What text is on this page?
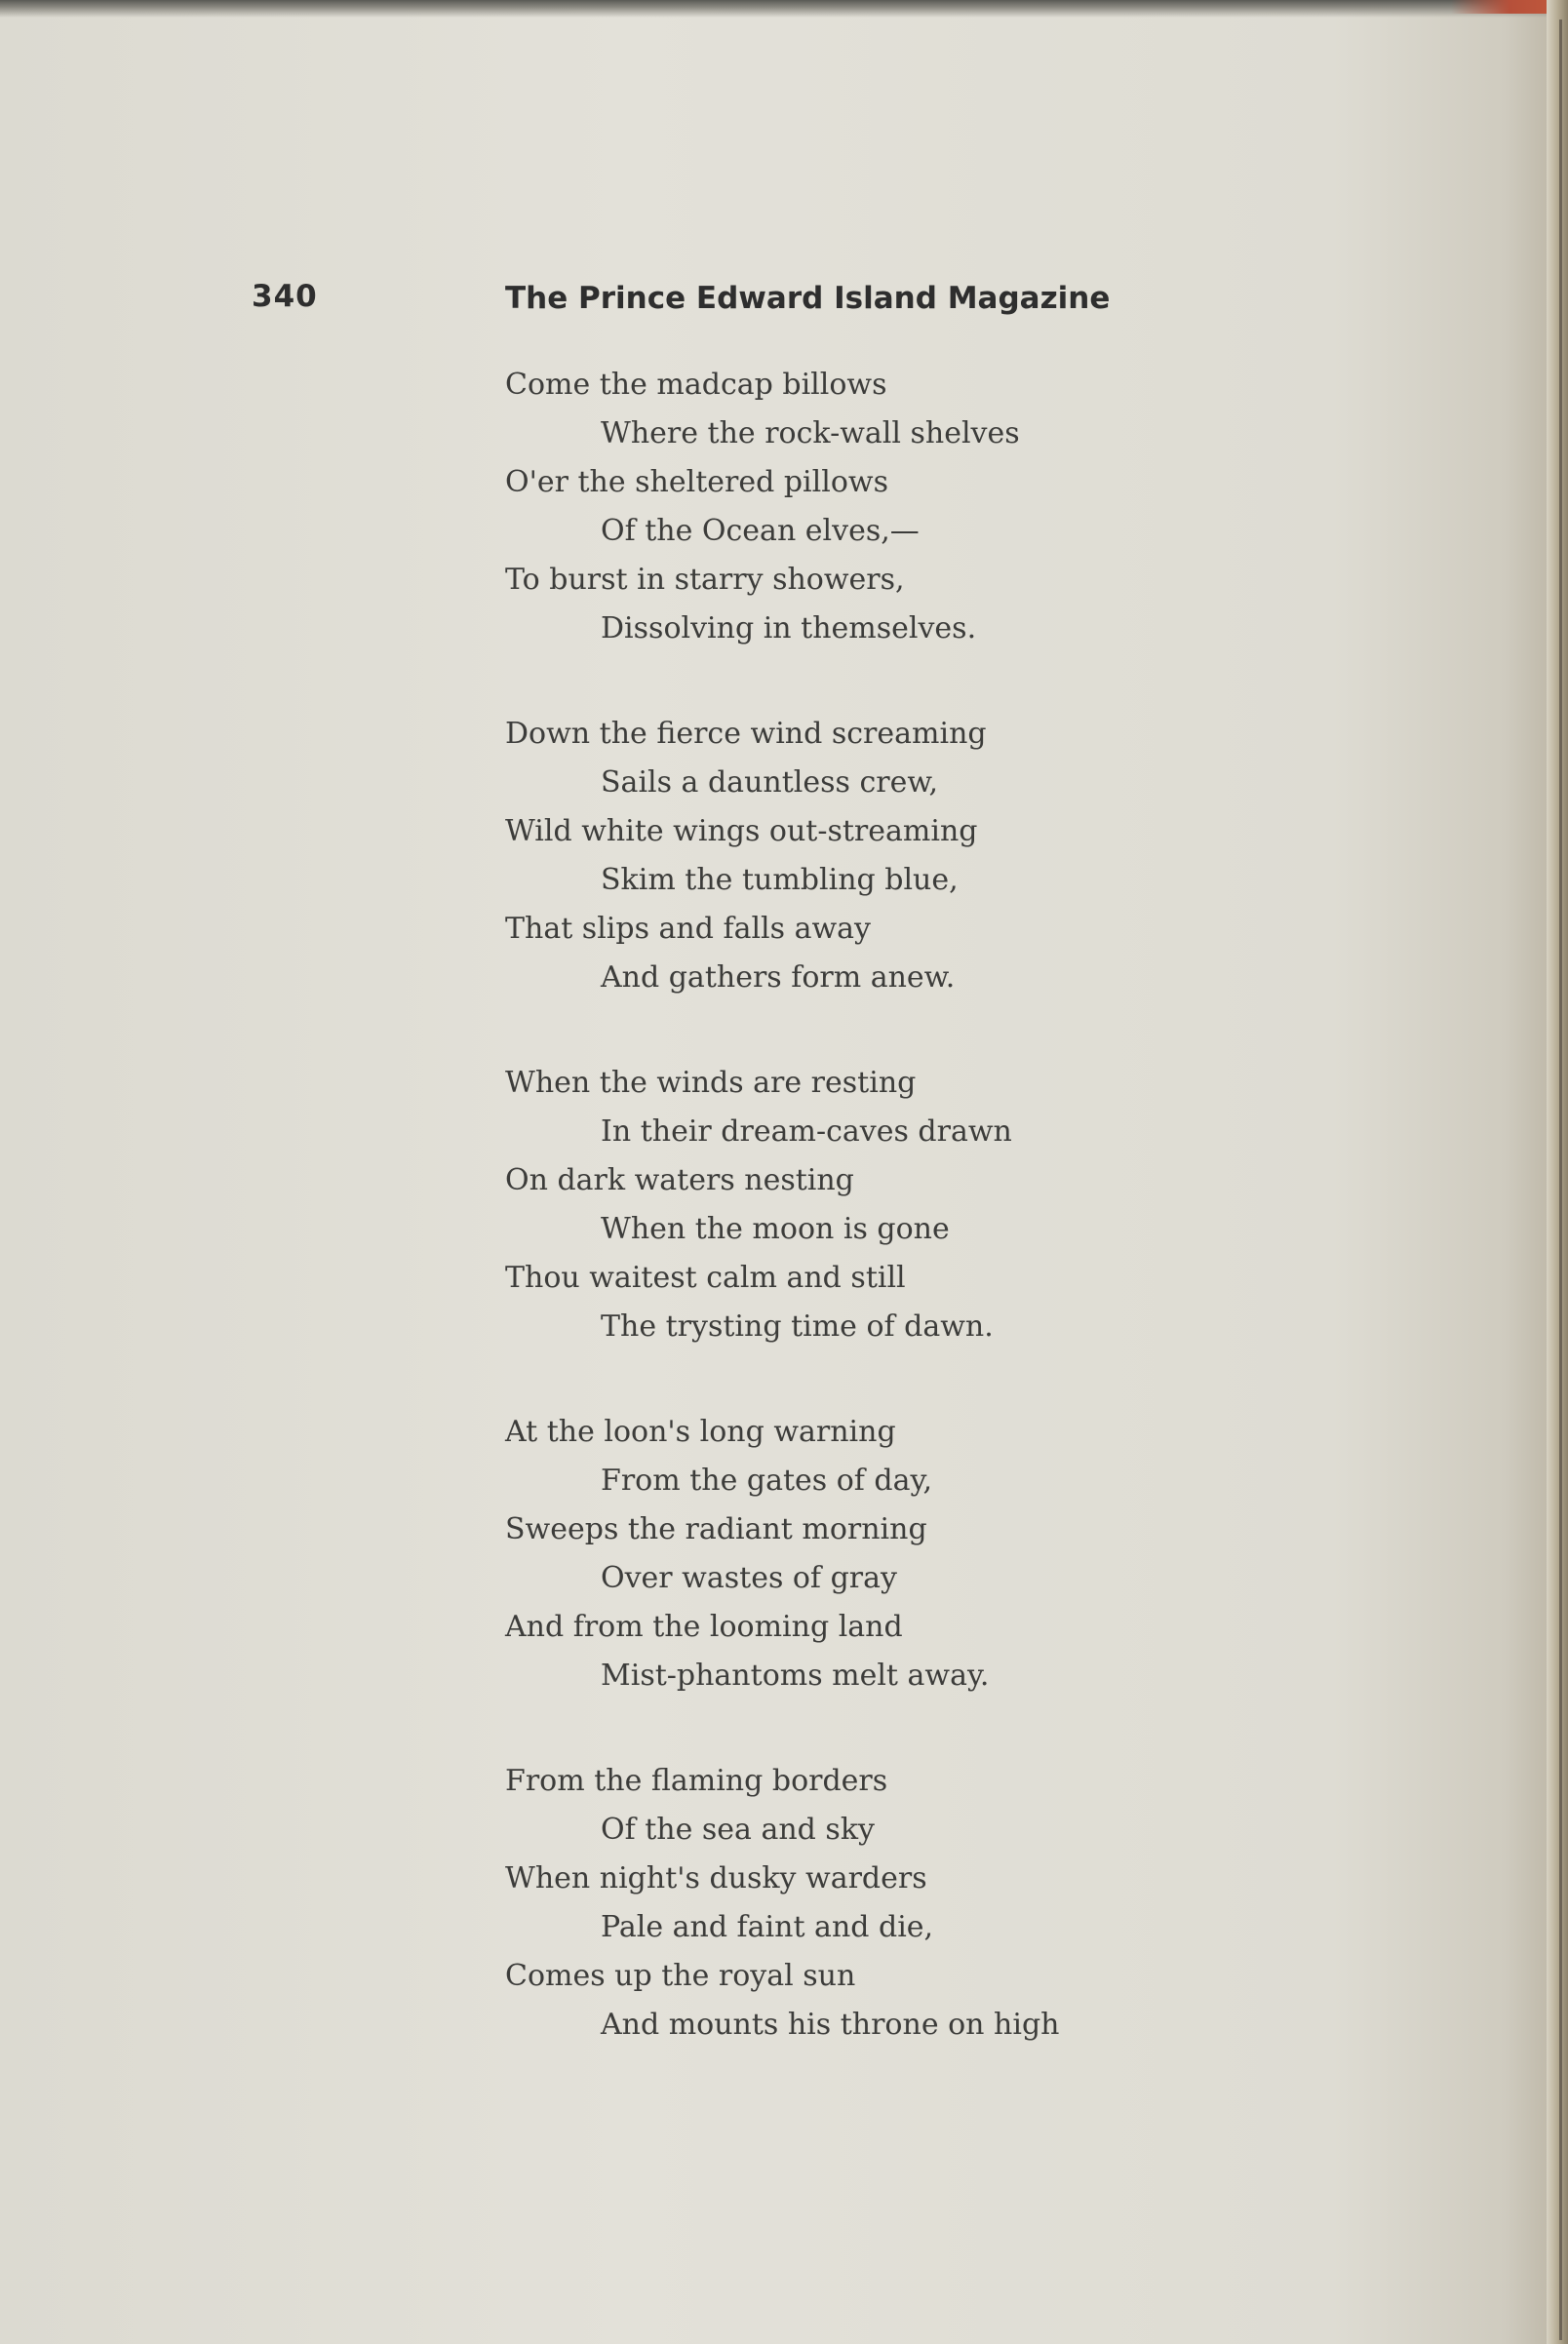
340	The Prince Edward Island Magazine
Come the madcap billows
Where the rock-wall shelves
O'er the sheltered pillows
Of the Ocean elves,—
To burst in starry showers,
Dissolving in themselves.
Down the fierce wind screaming
Sails a dauntless crew,
Wild white wings out-streaming
Skim the tumbling blue,
That slips and falls away
And gathers form anew.
When the winds are resting
In their dream-caves drawn
On dark waters nesting
When the moon is gone
Thou waitest calm and still
The trysting time of dawn.
At the loon's long warning
From the gates of day,
Sweeps the radiant morning
Over wastes of gray
And from the looming land
Mist-phantoms melt away.
From the flaming borders
Of the sea and sky
When night's dusky warders
Pale and faint and die,
Comes up the royal sun
And mounts his throne on high
